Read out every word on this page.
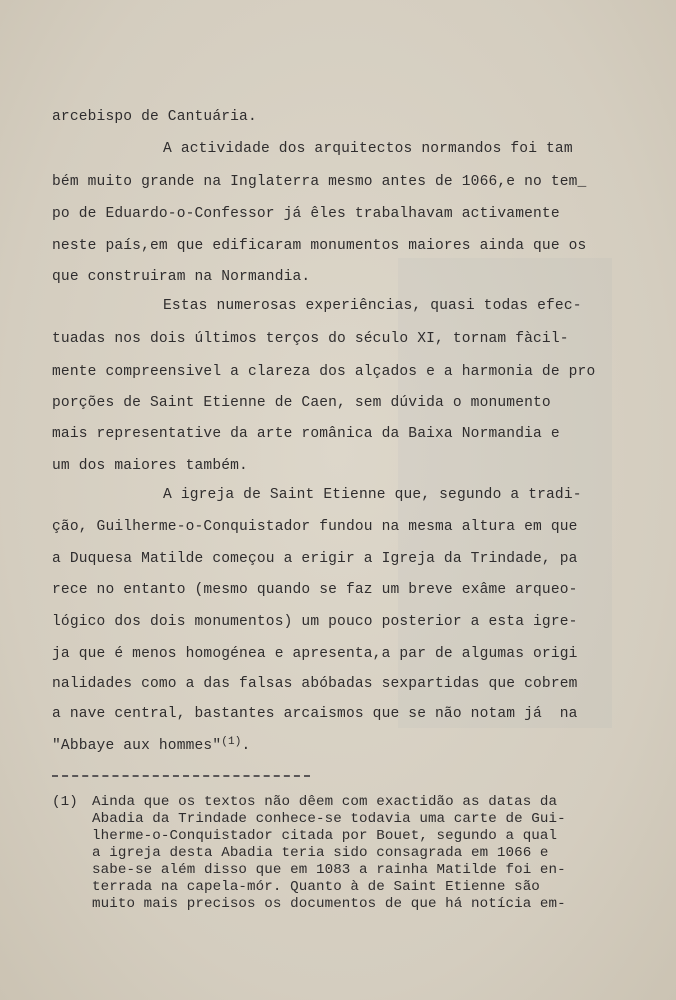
arcebispo de Cantuária.
A actividade dos arquitectos normandos foi tam
bém muito grande na Inglaterra mesmo antes de 1066,e no tem_
po de Eduardo-o-Confessor já êles trabalhavam activamente
neste país,em que edificaram monumentos maiores ainda que os
que construiram na Normandia.
Estas numerosas experiências, quasi todas efec-
tuadas nos dois últimos terços do século XI, tornam fàcil-
mente compreensivel a clareza dos alçados e a harmonia de pro
porções de Saint Etienne de Caen, sem dúvida o monumento
mais representative da arte românica da Baixa Normandia e
um dos maiores também.
A igreja de Saint Etienne que, segundo a tradi-
ção, Guilherme-o-Conquistador fundou na mesma altura em que
a Duquesa Matilde começou a erigir a Igreja da Trindade, pa
rece no entanto (mesmo quando se faz um breve exâme arqueo-
lógico dos dois monumentos) um pouco posterior a esta igre-
ja que é menos homogénea e apresenta,a par de algumas origi
nalidades como a das falsas abóbadas sexpartidas que cobrem
a nave central, bastantes arcaismos que se não notam já  na
"Abbaye aux hommes"$^{(1)}$.
(1) Ainda que os textos não dêem com exactidão as datas da
Abadia da Trindade conhece-se todavia uma carte de Gui-
lherme-o-Conquistador citada por Bouet, segundo a qual
a igreja desta Abadia teria sido consagrada em 1066 e
sabe-se além disso que em 1083 a rainha Matilde foi en-
terrada na capela-mór. Quanto à de Saint Etienne são
muito mais precisos os documentos de que há notícia em-
